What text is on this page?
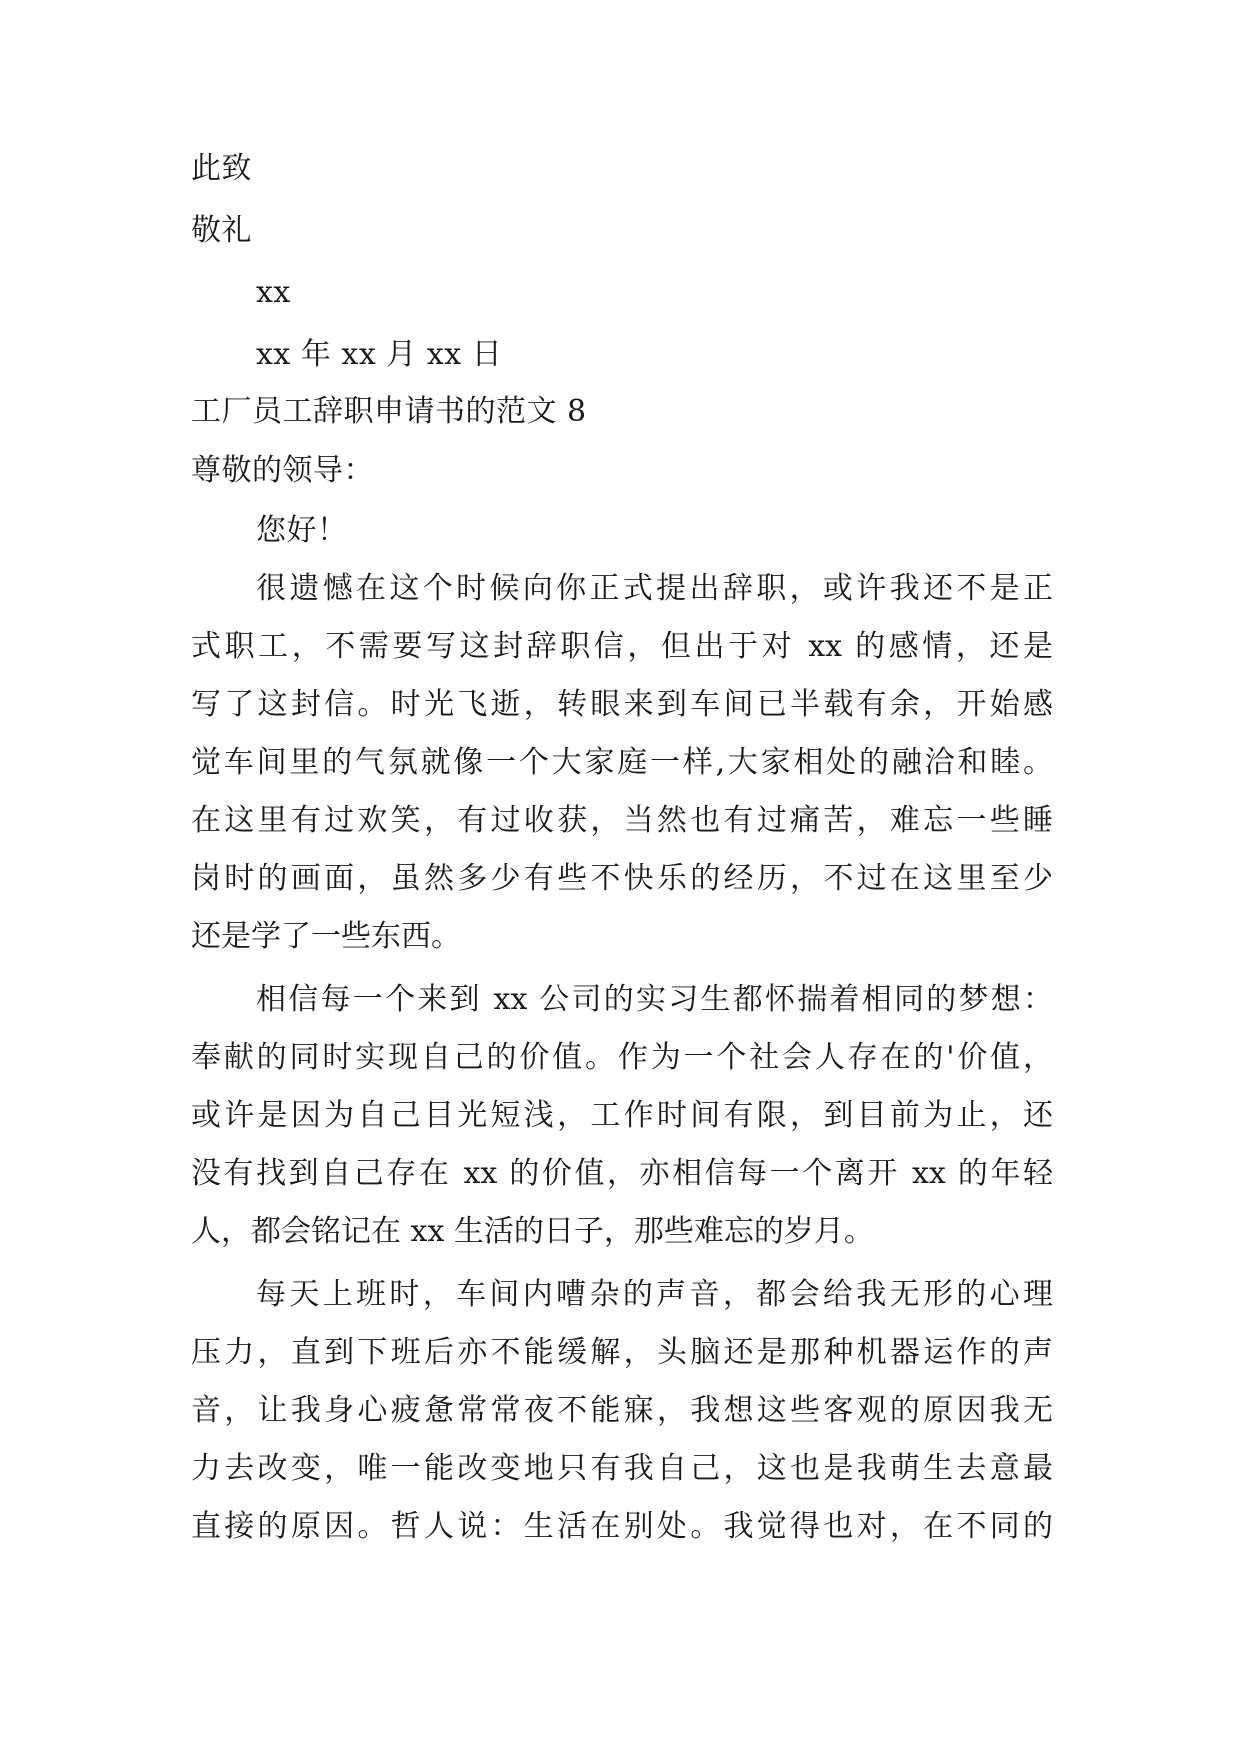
此致
敬礼
xx
xx 年 xx 月 xx 日
工厂员工辞职申请书的范文 8
尊敬的领导：
您好！
很遗憾在这个时候向你正式提出辞职，或许我还不是正
式职工，不需要写这封辞职信，但出于对 xx 的感情，还是
写了这封信。时光飞逝，转眼来到车间已半载有余，开始感
觉车间里的气氛就像一个大家庭一样,大家相处的融洽和睦。
在这里有过欢笑，有过收获，当然也有过痛苦，难忘一些睡
岗时的画面，虽然多少有些不快乐的经历，不过在这里至少
还是学了一些东西。
相信每一个来到 xx 公司的实习生都怀揣着相同的梦想：
奉献的同时实现自己的价值。作为一个社会人存在的'价值，
或许是因为自己目光短浅，工作时间有限，到目前为止，还
没有找到自己存在 xx 的价值，亦相信每一个离开 xx 的年轻
人，都会铭记在 xx 生活的日子，那些难忘的岁月。
每天上班时，车间内嘈杂的声音，都会给我无形的心理
压力，直到下班后亦不能缓解，头脑还是那种机器运作的声
音，让我身心疲惫常常夜不能寐，我想这些客观的原因我无
力去改变，唯一能改变地只有我自己，这也是我萌生去意最
直接的原因。哲人说：生活在别处。我觉得也对，在不同的
